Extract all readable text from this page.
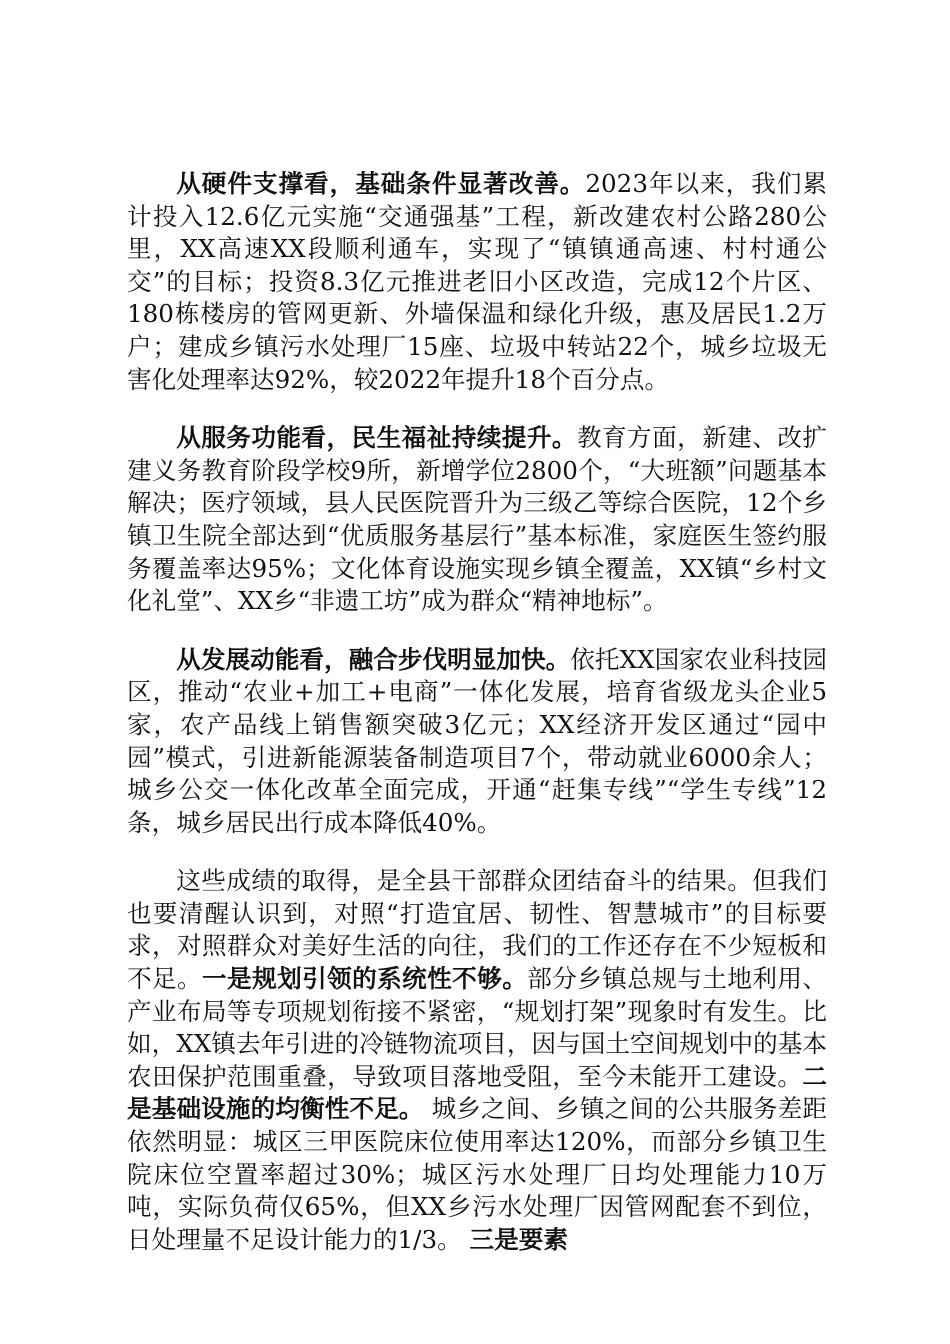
从硬件支撑看，基础条件显著改善。2023年以来，我们累计投入12.6亿元实施“交通强基”工程，新改建农村公路280公里，XX高速XX段顺利通车，实现了“镇镇通高速、村村通公交”的目标；投资8.3亿元推进老旧小区改造，完成12个片区、180栋楼房的管网更新、外墙保温和绿化升级，惠及居民1.2万户；建成乡镇污水处理厂15座、垃圾中转站22个，城乡垃圾无害化处理率达92%，较2022年提升18个百分点。

从服务功能看，民生福祉持续提升。教育方面，新建、改扩建义务教育阶段学校9所，新增学位2800个，“大班额”问题基本解决；医疗领域，县人民医院晋升为三级乙等综合医院，12个乡镇卫生院全部达到“优质服务基层行”基本标准，家庭医生签约服务覆盖率达95%；文化体育设施实现乡镇全覆盖，XX镇“乡村文化礼堂”、XX乡“非遗工坊”成为群众“精神地标”。

从发展动能看，融合步伐明显加快。依托XX国家农业科技园区，推动“农业+加工+电商”一体化发展，培育省级龙头企业5家，农产品线上销售额突破3亿元；XX经济开发区通过“园中园”模式，引进新能源装备制造项目7个，带动就业6000余人；城乡公交一体化改革全面完成，开通“赶集专线”“学生专线”12条，城乡居民出行成本降低40%。

这些成绩的取得，是全县干部群众团结奋斗的结果。但我们也要清醒认识到，对照“打造宜居、韧性、智慧城市”的目标要求，对照群众对美好生活的向往，我们的工作还存在不少短板和不足。一是规划引领的系统性不够。部分乡镇总规与土地利用、产业布局等专项规划衔接不紧密，“规划打架”现象时有发生。比如，XX镇去年引进的冷链物流项目，因与国土空间规划中的基本农田保护范围重叠，导致项目落地受阻，至今未能开工建设。二是基础设施的均衡性不足。 城乡之间、乡镇之间的公共服务差距依然明显：城区三甲医院床位使用率达120%，而部分乡镇卫生院床位空置率超过30%；城区污水处理厂日均处理能力10万吨，实际负荷仅65%，但XX乡污水处理厂因管网配套不到位，日处理量不足设计能力的1/3。 三是要素
